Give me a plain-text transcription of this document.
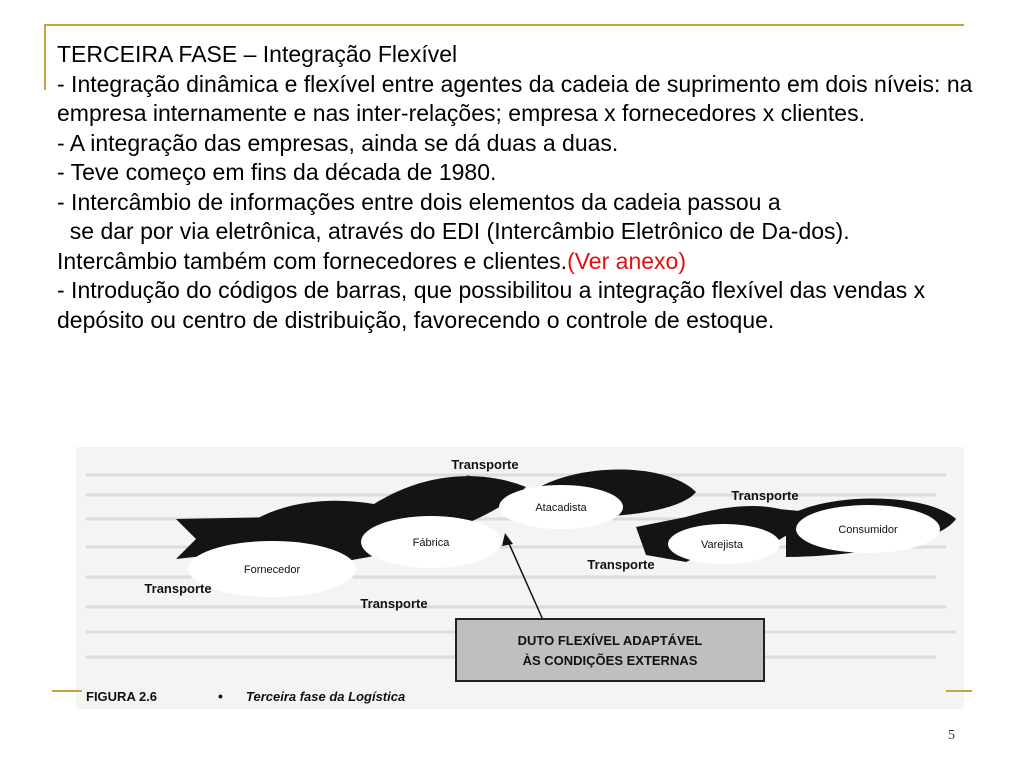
TERCEIRA FASE – Integração Flexível

- Integração dinâmica e flexível entre agentes da cadeia de suprimento em dois níveis: na empresa internamente e nas inter-relações; empresa x fornecedores x clientes.

- A integração das empresas, ainda se dá duas a duas.

- Teve começo em fins da década de 1980.

- Intercâmbio de informações entre dois elementos da cadeia passou a

se dar por via eletrônica, através do EDI (Intercâmbio Eletrônico de Da-dos). Intercâmbio também com fornecedores e clientes.(Ver anexo)

- Introdução do códigos de barras, que possibilitou a integração flexível das vendas x depósito ou centro de distribuição, favorecendo o controle de estoque.

Fornecedor
Fábrica
Atacadista
Varejista
Consumidor
Transporte
Transporte
Transporte
Transporte
Transporte
DUTO FLEXÍVEL ADAPTÁVEL
ÀS CONDIÇÕES EXTERNAS
FIGURA 2.6	• Terceira fase da Logística
5
